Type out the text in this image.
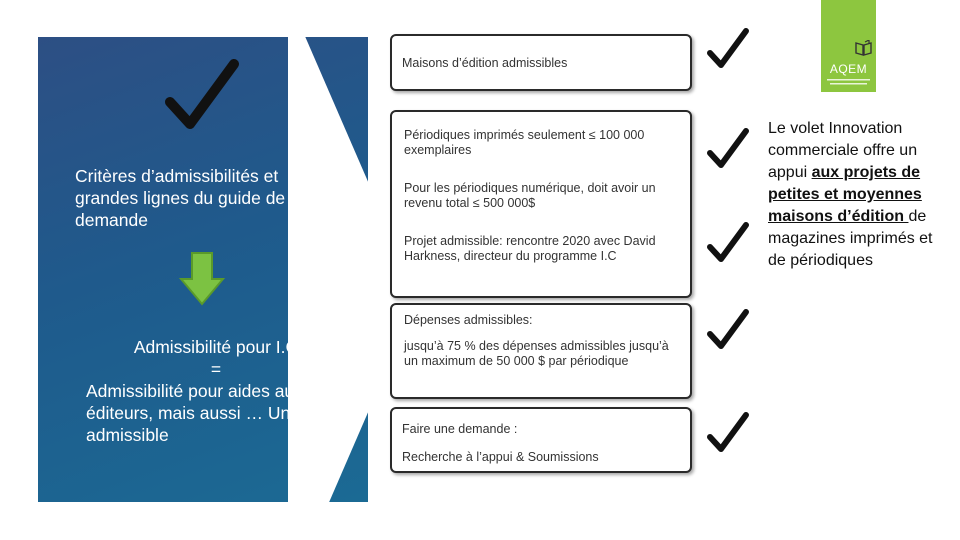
Critères d’admissibilités et grandes lignes du guide de demande
Admissibilité pour I.C
=
Admissibilité pour aides aux éditeurs, mais aussi … Un projet admissible

Maisons d’édition admissibles

Périodiques imprimés seulement ≤ 100 000 exemplaires

Pour les périodiques numérique, doit avoir un revenu total ≤ 500 000$

Projet admissible: rencontre 2020 avec David Harkness, directeur du programme I.C

Dépenses admissibles:

jusqu’à 75 % des dépenses admissibles jusqu’à un maximum de 50 000 $ par périodique

Faire une demande :

Recherche à l’appui & Soumissions

Le volet Innovation commerciale offre un appui aux projets de petites et moyennes maisons d’édition de magazines imprimés et de périodiques
AQEM
